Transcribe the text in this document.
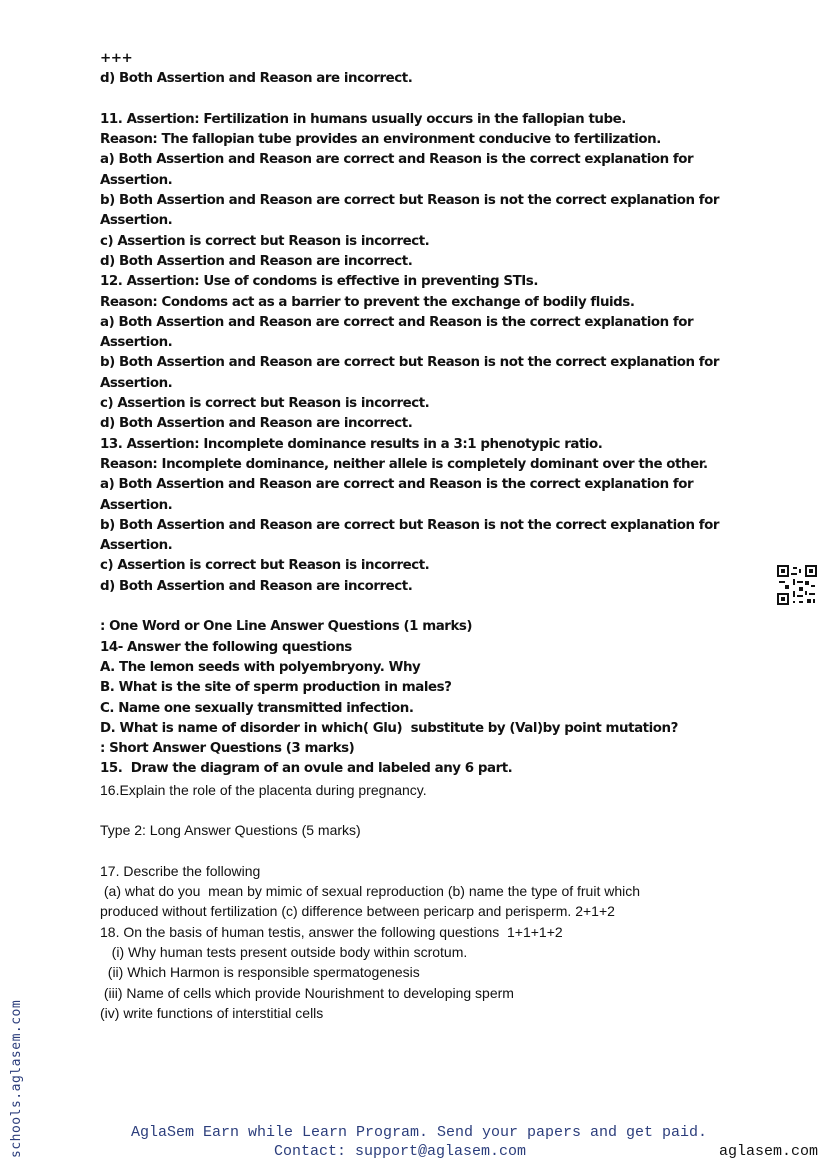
+++
d) Both Assertion and Reason are incorrect.
11. Assertion: Fertilization in humans usually occurs in the fallopian tube.
Reason: The fallopian tube provides an environment conducive to fertilization.
a) Both Assertion and Reason are correct and Reason is the correct explanation for
Assertion.
b) Both Assertion and Reason are correct but Reason is not the correct explanation for
Assertion.
c) Assertion is correct but Reason is incorrect.
d) Both Assertion and Reason are incorrect.
12. Assertion: Use of condoms is effective in preventing STIs.
Reason: Condoms act as a barrier to prevent the exchange of bodily fluids.
a) Both Assertion and Reason are correct and Reason is the correct explanation for
Assertion.
b) Both Assertion and Reason are correct but Reason is not the correct explanation for
Assertion.
c) Assertion is correct but Reason is incorrect.
d) Both Assertion and Reason are incorrect.
13. Assertion: Incomplete dominance results in a 3:1 phenotypic ratio.
Reason: Incomplete dominance, neither allele is completely dominant over the other.
a) Both Assertion and Reason are correct and Reason is the correct explanation for
Assertion.
b) Both Assertion and Reason are correct but Reason is not the correct explanation for
Assertion.
c) Assertion is correct but Reason is incorrect.
d) Both Assertion and Reason are incorrect.
: One Word or One Line Answer Questions (1 marks)
14- Answer the following questions
A. The lemon seeds with polyembryony. Why
B. What is the site of sperm production in males?
C. Name one sexually transmitted infection.
D. What is name of disorder in which( Glu)  substitute by (Val)by point mutation?
: Short Answer Questions (3 marks)
15.  Draw the diagram of an ovule and labeled any 6 part.
16.Explain the role of the placenta during pregnancy.
Type 2: Long Answer Questions (5 marks)
17. Describe the following
(a) what do you  mean by mimic of sexual reproduction (b) name the type of fruit which
produced without fertilization (c) difference between pericarp and perisperm. 2+1+2
18. On the basis of human testis, answer the following questions  1+1+1+2
(i) Why human tests present outside body within scrotum.
(ii) Which Harmon is responsible spermatogenesis
(iii) Name of cells which provide Nourishment to developing sperm
(iv) write functions of interstitial cells
schools.aglasem.com	AglaSem Earn while Learn Program. Send your papers and get paid.
Contact: support@aglasem.com	aglasem.com
